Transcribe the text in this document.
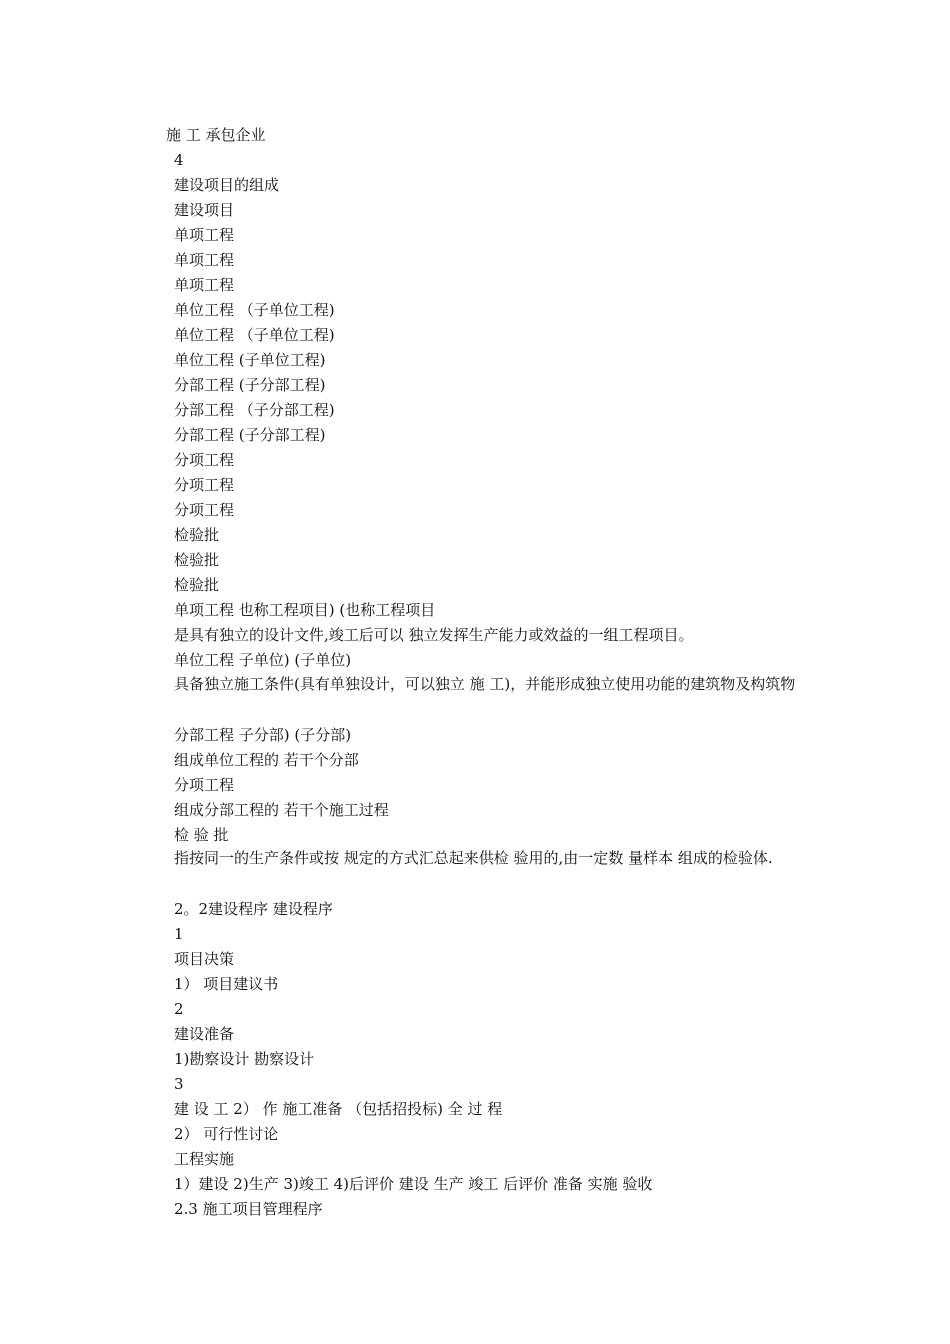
施 工 承包企业
4
建设项目的组成
建设项目
单项工程
单项工程
单项工程
单位工程 （子单位工程)
单位工程 （子单位工程)
单位工程 (子单位工程)
分部工程 (子分部工程)
分部工程 （子分部工程)
分部工程 (子分部工程)
分项工程
分项工程
分项工程
检验批
检验批
检验批
单项工程 也称工程项目) (也称工程项目
是具有独立的设计文件,竣工后可以 独立发挥生产能力或效益的一组工程项目。
单位工程 子单位) (子单位)
具备独立施工条件(具有单独设计，可以独立 施 工)，并能形成独立使用功能的建筑物及构筑物
分部工程 子分部) (子分部)
组成单位工程的 若干个分部
分项工程
组成分部工程的 若干个施工过程
检 验 批
指按同一的生产条件或按 规定的方式汇总起来供检 验用的,由一定数 量样本 组成的检验体.
2。2建设程序 建设程序
1
项目决策
1） 项目建议书
2
建设准备
1)勘察设计 勘察设计
3
建 设 工 2） 作 施工准备 （包括招投标) 全 过 程
2） 可行性讨论
工程实施
1）建设 2)生产 3)竣工 4)后评价 建设 生产 竣工 后评价 准备 实施 验收
2.3 施工项目管理程序
